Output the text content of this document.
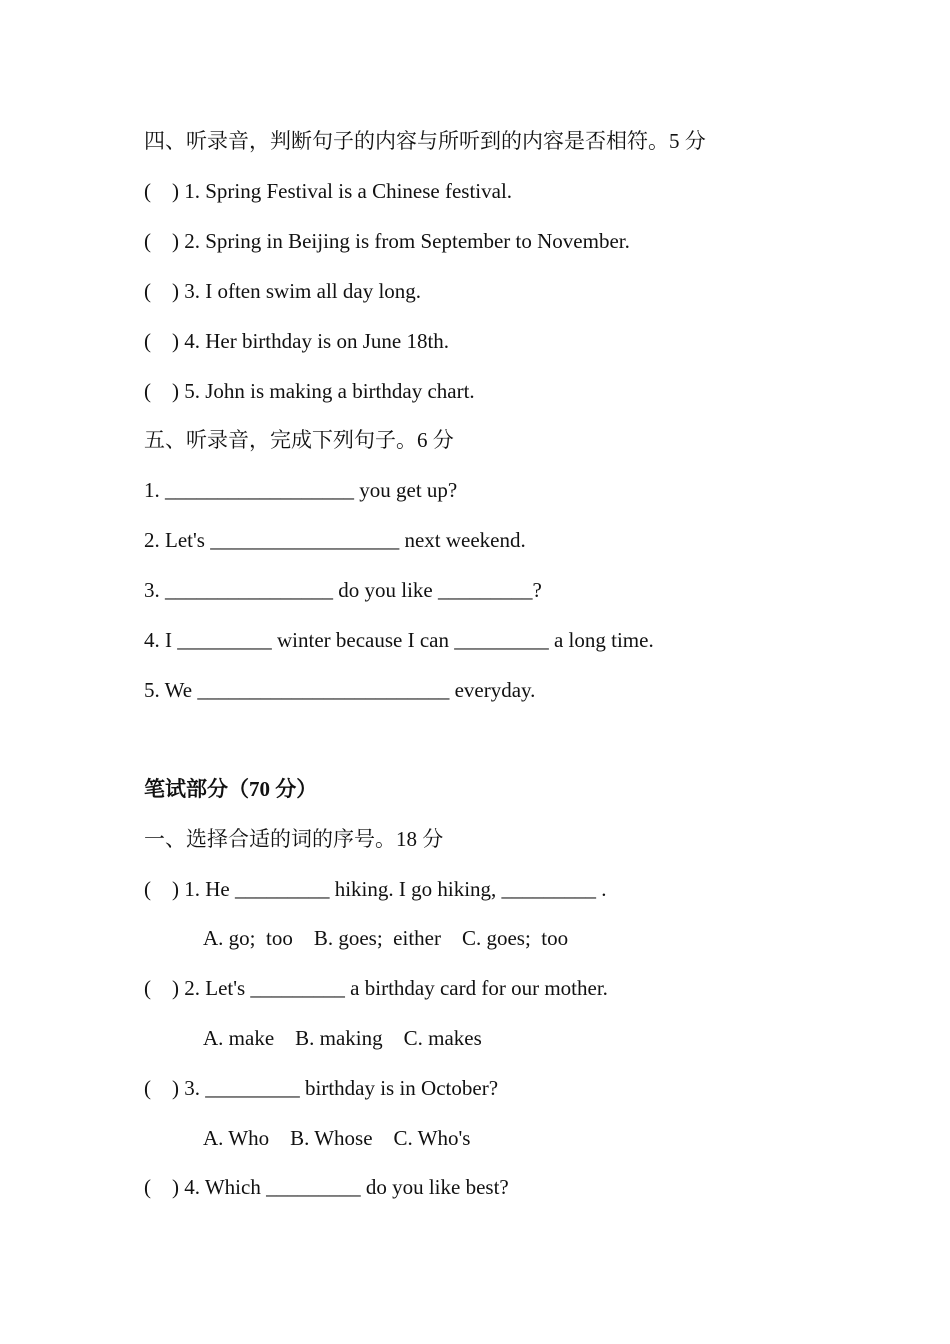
四、听录音，判断句子的内容与所听到的内容是否相符。5 分
(    ) 1. Spring Festival is a Chinese festival.
(    ) 2. Spring in Beijing is from September to November.
(    ) 3. I often swim all day long.
(    ) 4. Her birthday is on June 18th.
(    ) 5. John is making a birthday chart.
五、听录音，完成下列句子。6 分
1. __________________ you get up?
2. Let's __________________ next weekend.
3. ________________ do you like _________?
4. I _________ winter because I can _________ a long time.
5. We ________________________ everyday.
笔试部分（70 分）
一、选择合适的词的序号。18 分
(    ) 1. He _________ hiking. I go hiking, _________ .
A. go;  too    B. goes;  either    C. goes;  too
(    ) 2. Let's _________ a birthday card for our mother.
A. make    B. making    C. makes
(    ) 3. _________ birthday is in October?
A. Who    B. Whose    C. Who's
(    ) 4. Which _________ do you like best?
